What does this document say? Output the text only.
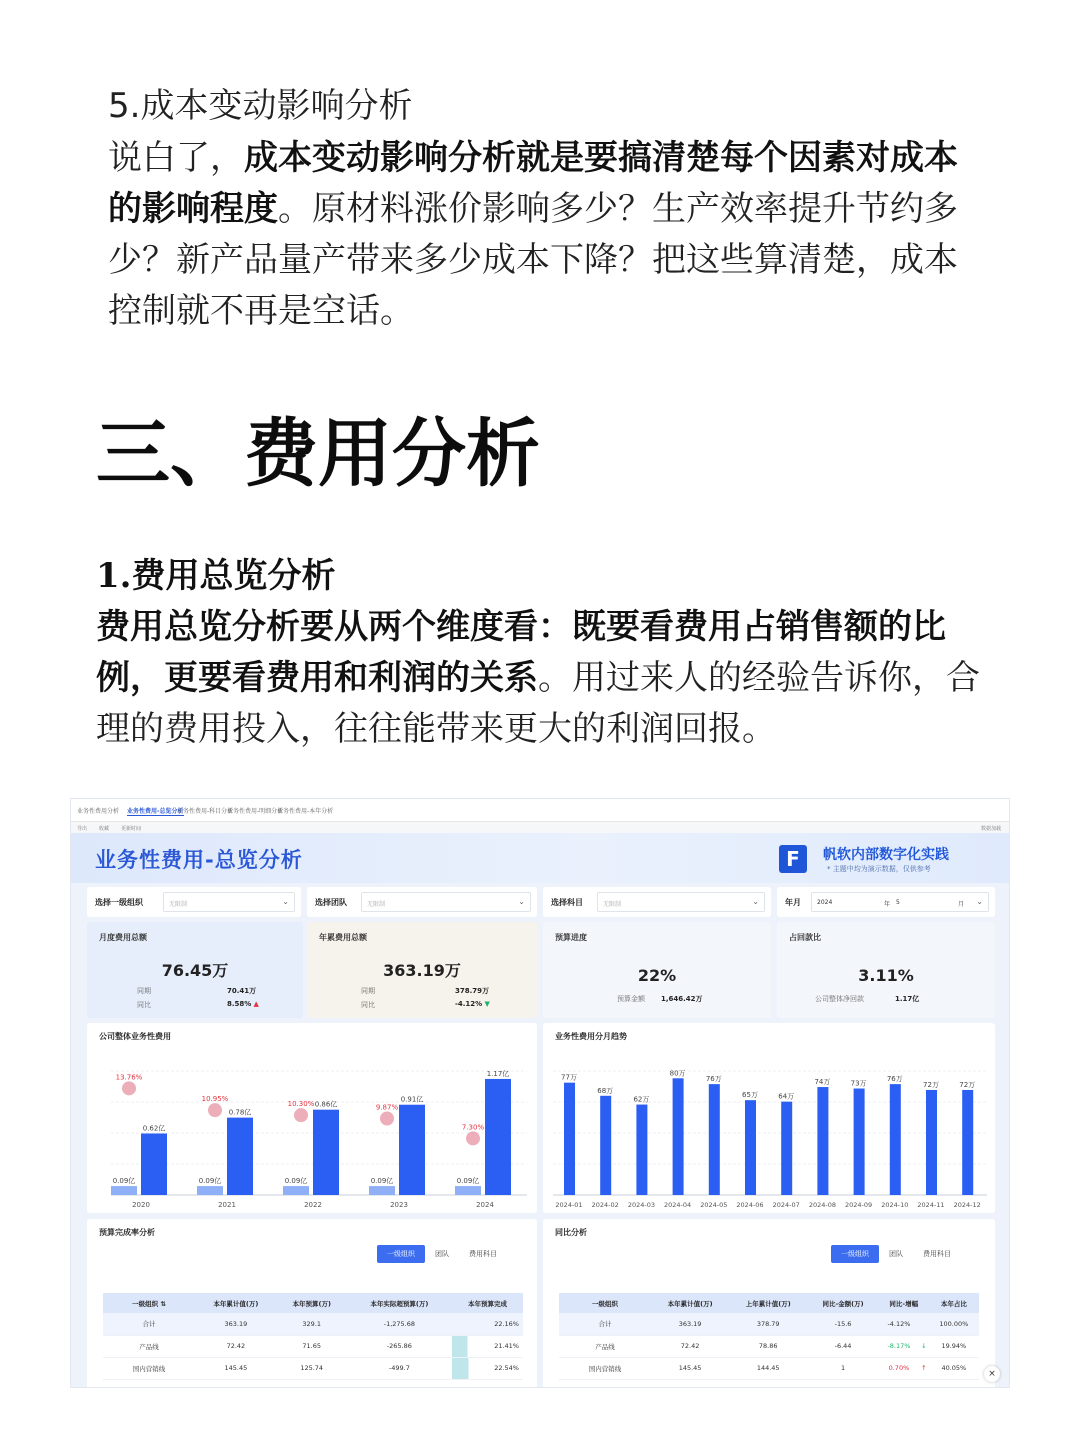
5.成本变动影响分析
说白了，成本变动影响分析就是要搞清楚每个因素对成本的影响程度。原材料涨价影响多少？生产效率提升节约多少？新产品量产带来多少成本下降？把这些算清楚，成本控制就不再是空话。
三、费用分析
1.费用总览分析
费用总览分析要从两个维度看：既要看费用占销售额的比例，更要看费用和利润的关系。用过来人的经验告诉你，合理的费用投入，往往能带来更大的利润回报。
业务性费用分析 业务性费用-总览分析
业务性费用-科目分析
业务性费用-明细分析
业务性费用-本年分析
导出 收藏 更新时间	数据加载
业务性费用-总览分析	F	帆软内部数字化实践
* 主题中均为演示数据，仅供参考
选择一级组织	无限制	⌄	选择团队	无限制	⌄	选择科目	无限制	⌄	年月	2024	年 5	月 ⌄
月度费用总额
76.45万
同期	70.41万
同比	8.58% ▲
年累费用总额
363.19万
同期	378.79万
同比	-4.12% ▼
预算进度
22%
预算金额 1,646.42万
占回款比
3.11%
公司整体净回款	1.17亿
公司整体业务性费用
0.09亿
0.62亿
13.76%
2020
0.09亿
0.78亿
10.95%
2021
0.09亿
0.86亿
10.30%
2022
0.09亿
0.91亿
9.87%
2023
0.09亿
1.17亿
7.30%
2024
业务性费用分月趋势
77万
2024-01
68万
2024-02
62万
2024-03
80万
2024-04
76万
2024-05
65万
2024-06
64万
2024-07
74万
2024-08
73万
2024-09
76万
2024-10
72万
2024-11
72万
2024-12
预算完成率分析
一级组织	团队	费用科目
一级组织 ⇅	本年累计值(万)	本年预算(万)	本年实际超预算(万)	本年预算完成
合计	363.19	329.1	-1,275.68	22.16%
产品线	72.42	71.65	-265.86	21.41%
国内营销线	145.45	125.74	-499.7	22.54%
同比分析
一级组织	团队	费用科目
一级组织	本年累计值(万)	上年累计值(万)	同比-金额(万)	同比-增幅		本年占比
合计	363.19	378.79	-15.6	-4.12%		100.00%
产品线	72.42	78.86	-6.44	-8.17%	↓	19.94%
国内营销线	145.45	144.45	1	0.70%	↑	40.05%
×
